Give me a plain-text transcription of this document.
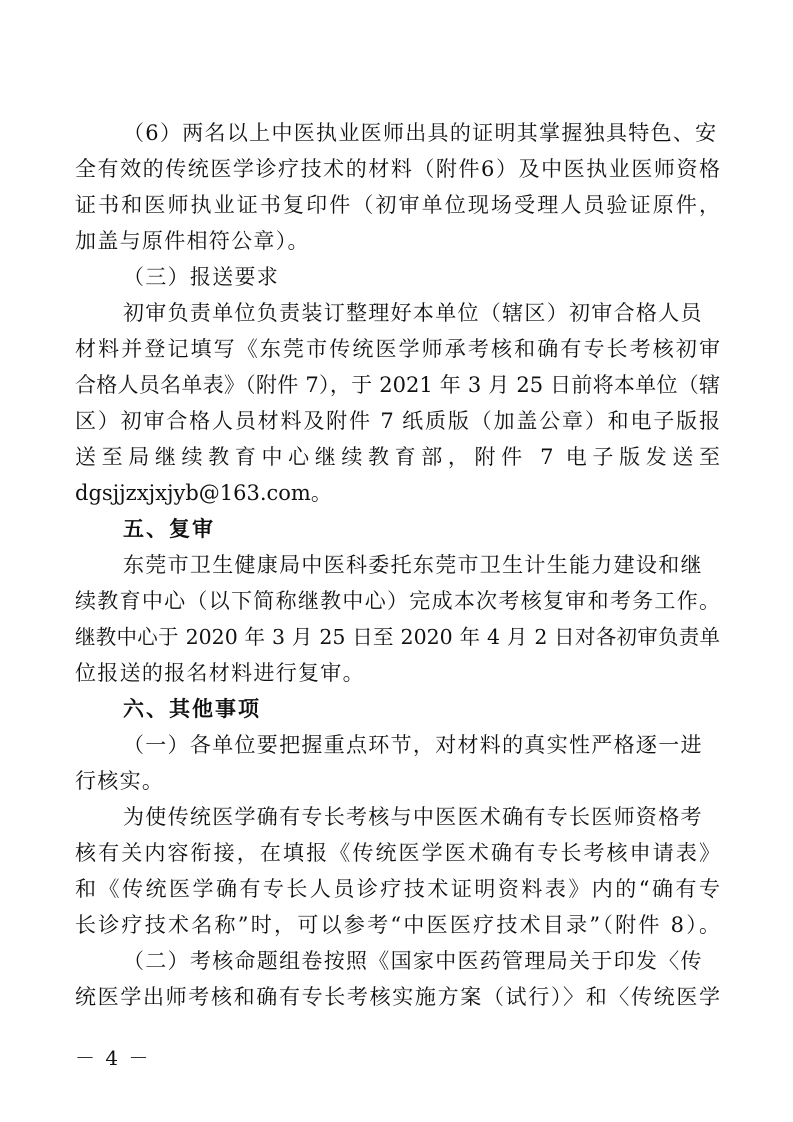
（6）两名以上中医执业医师出具的证明其掌握独具特色、安
全有效的传统医学诊疗技术的材料（附件6）及中医执业医师资格
证书和医师执业证书复印件（初审单位现场受理人员验证原件，
加盖与原件相符公章）。
（三）报送要求
初审负责单位负责装订整理好本单位（辖区）初审合格人员
材料并登记填写《东莞市传统医学师承考核和确有专长考核初审
合格人员名单表》（附件 7），于 2021 年 3 月 25 日前将本单位（辖
区）初审合格人员材料及附件 7 纸质版（加盖公章）和电子版报
送至局继续教育中心继续教育部，附件 7 电子版发送至
dgsjjzxjxjyb@163.com。
五、复审
东莞市卫生健康局中医科委托东莞市卫生计生能力建设和继
续教育中心（以下简称继教中心）完成本次考核复审和考务工作。
继教中心于 2020 年 3 月 25 日至 2020 年 4 月 2 日对各初审负责单
位报送的报名材料进行复审。
六、其他事项
（一）各单位要把握重点环节，对材料的真实性严格逐一进
行核实。
为使传统医学确有专长考核与中医医术确有专长医师资格考
核有关内容衔接，在填报《传统医学医术确有专长考核申请表》
和《传统医学确有专长人员诊疗技术证明资料表》内的“确有专
长诊疗技术名称”时，可以参考“中医医疗技术目录”（附件 8）。
（二）考核命题组卷按照《国家中医药管理局关于印发〈传
统医学出师考核和确有专长考核实施方案（试行）〉和〈传统医学
－ 4 －
